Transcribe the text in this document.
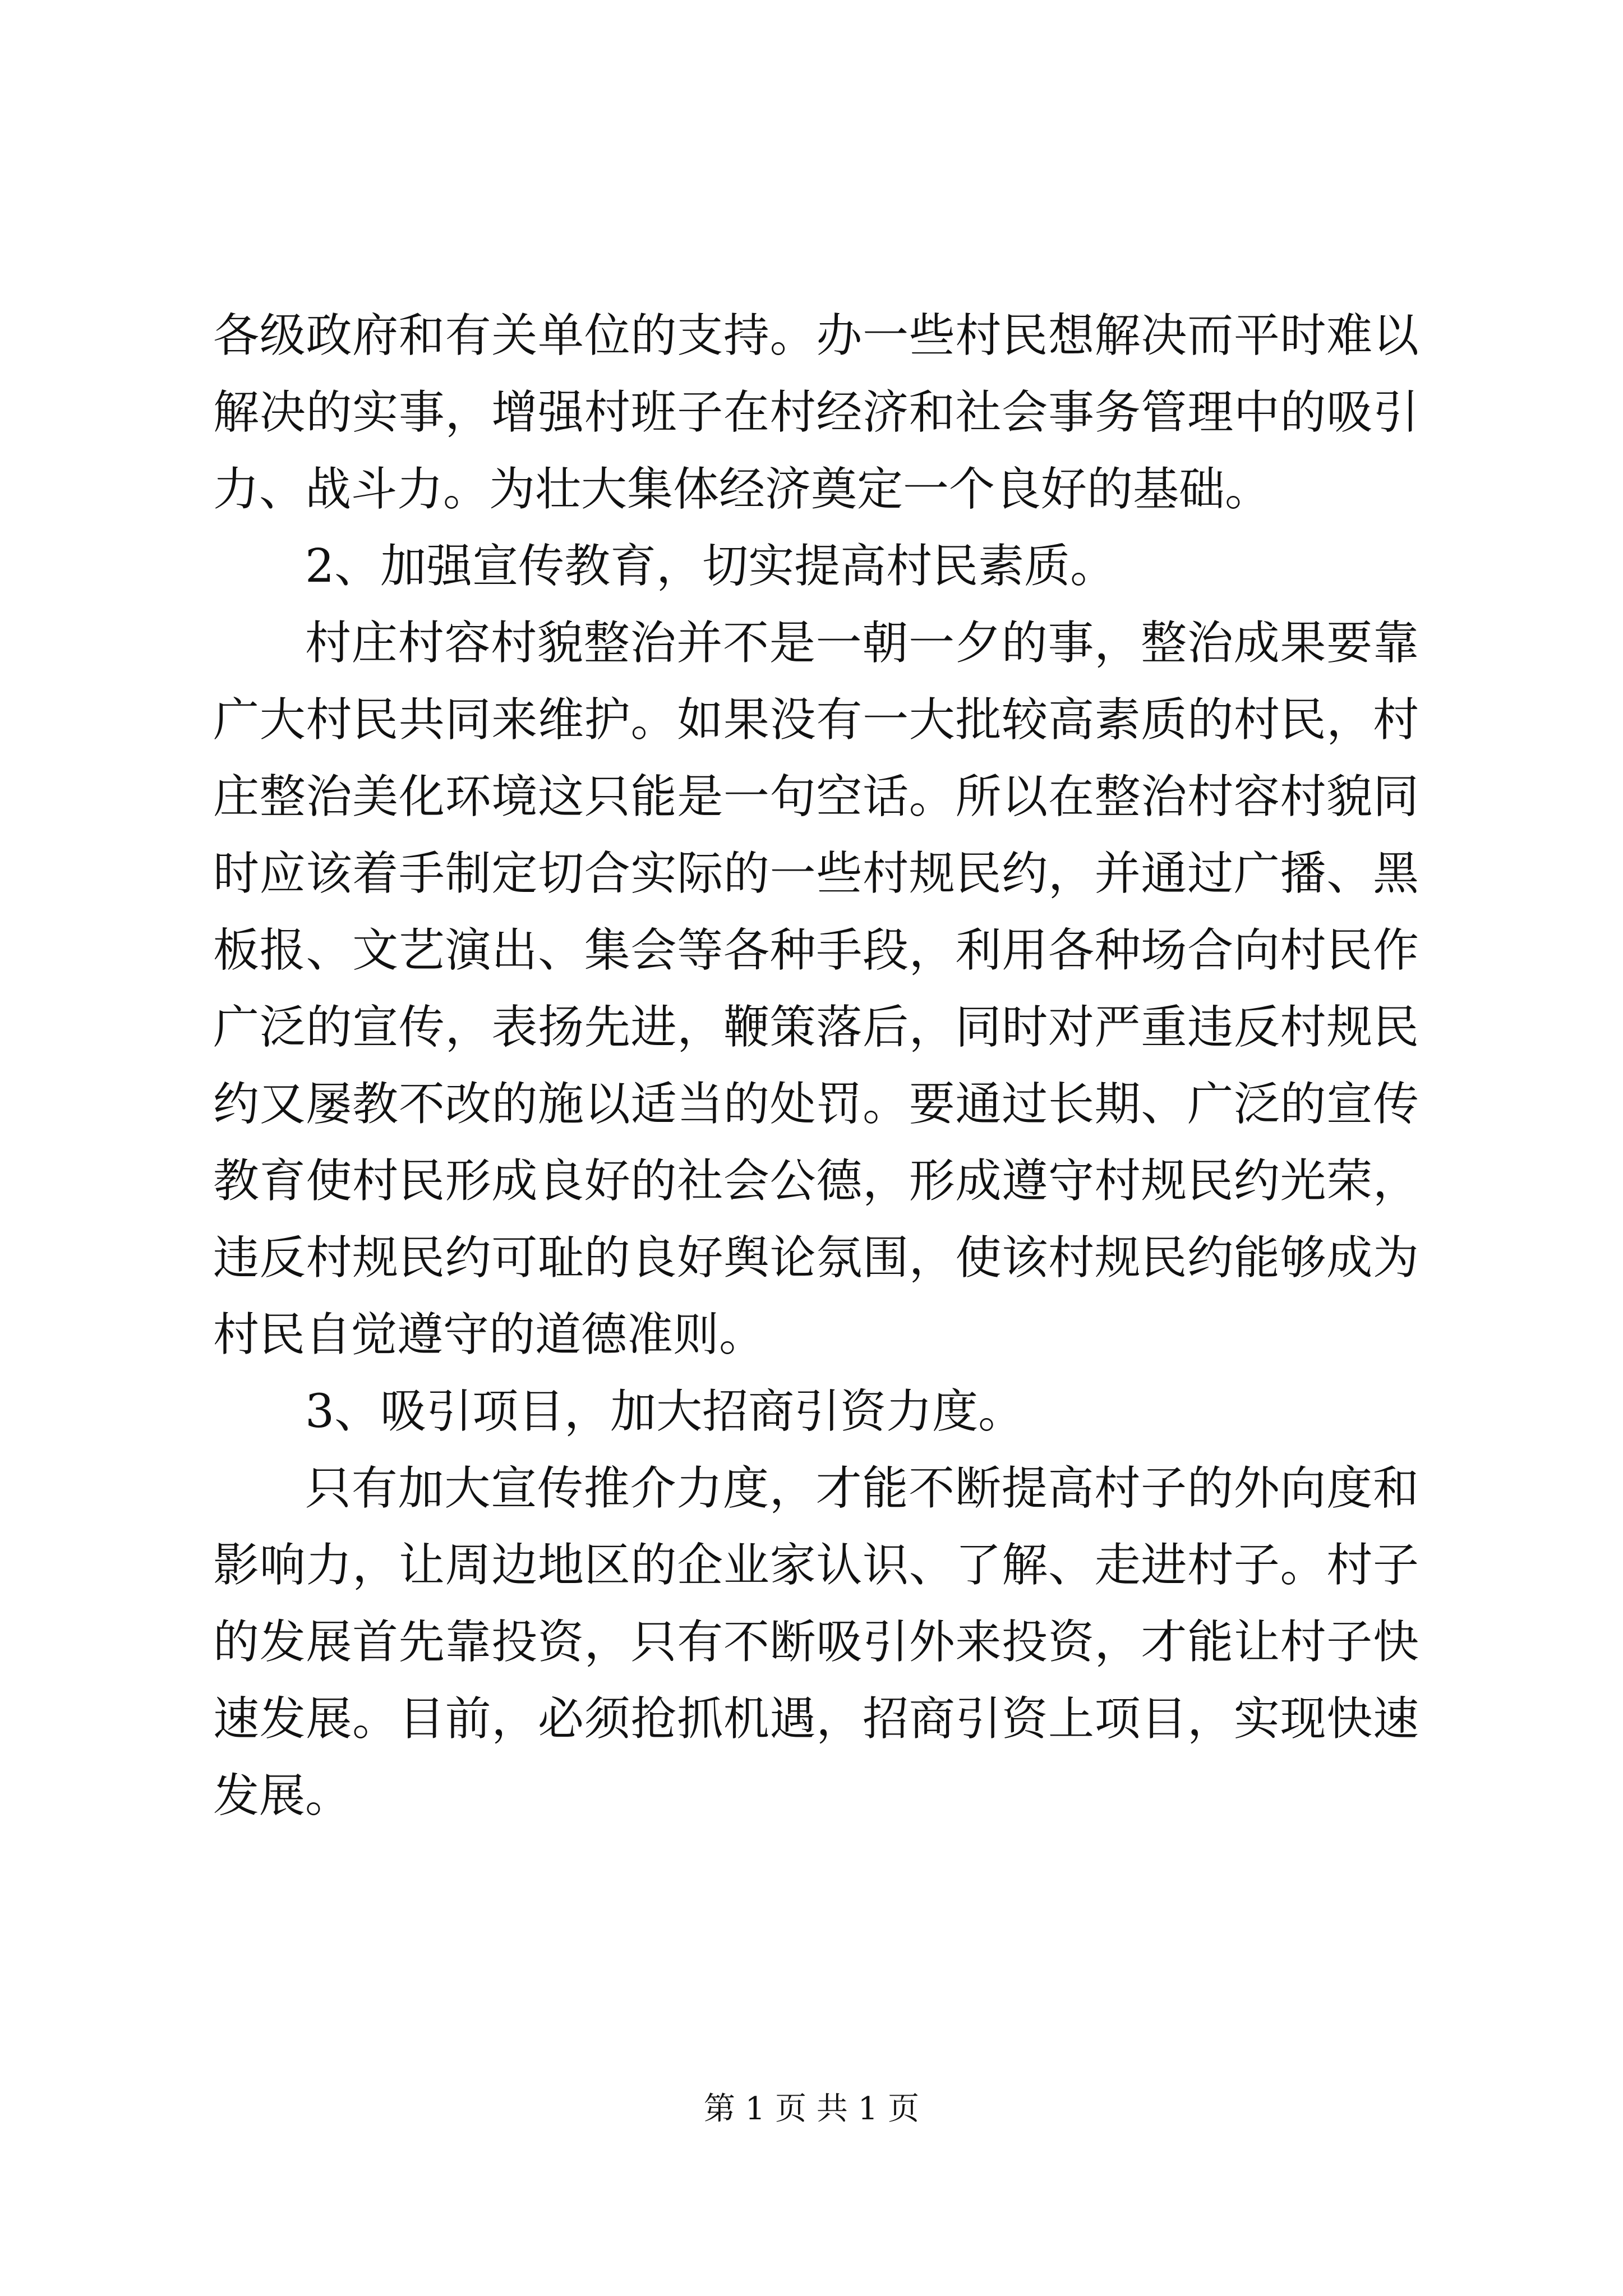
各级政府和有关单位的支持。办一些村民想解决而平时难以解决的实事，增强村班子在村经济和社会事务管理中的吸引力、战斗力。为壮大集体经济奠定一个良好的基础。

2、加强宣传教育，切实提高村民素质。

村庄村容村貌整治并不是一朝一夕的事，整治成果要靠广大村民共同来维护。如果没有一大批较高素质的村民，村庄整治美化环境这只能是一句空话。所以在整治村容村貌同时应该着手制定切合实际的一些村规民约，并通过广播、黑板报、文艺演出、集会等各种手段，利用各种场合向村民作广泛的宣传，表扬先进，鞭策落后，同时对严重违反村规民约又屡教不改的施以适当的处罚。要通过长期、广泛的宣传教育使村民形成良好的社会公德，形成遵守村规民约光荣，违反村规民约可耻的良好舆论氛围，使该村规民约能够成为村民自觉遵守的道德准则。

3、吸引项目，加大招商引资力度。

只有加大宣传推介力度，才能不断提高村子的外向度和影响力，让周边地区的企业家认识、了解、走进村子。村子的发展首先靠投资，只有不断吸引外来投资，才能让村子快速发展。目前，必须抢抓机遇，招商引资上项目，实现快速发展。

第 1 页 共 1 页
